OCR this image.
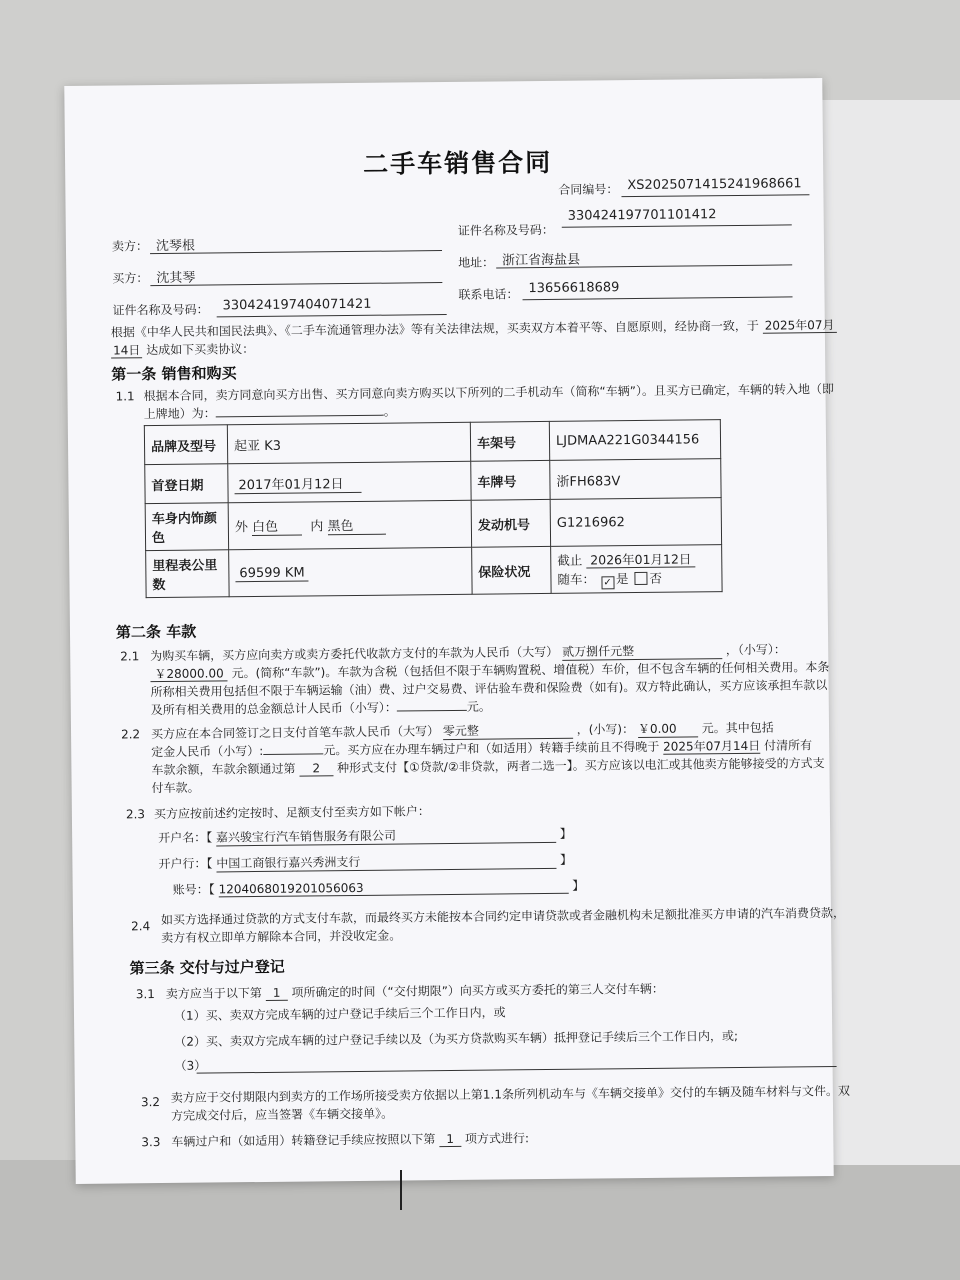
二手车销售合同
合同编号： XS2025071415241968661
卖方： 沈琴根
证件名称及号码：
330424197701101412
买方： 沈其琴
地址： 浙江省海盐县
证件名称及号码： 330424197404071421
联系电话： 13656618689
根据《中华人民共和国民法典》、《二手车流通管理办法》等有关法律法规，买卖双方本着平等、自愿原则，经协商一致，于 2025年07月
14日 达成如下买卖协议：
第一条 销售和购买
1.1 根据本合同，卖方同意向买方出售、买方同意向卖方购买以下所列的二手机动车（简称“车辆”）。且买方已确定，车辆的转入地（即
上牌地）为：	。
品牌及型号	起亚 K3	车架号	LJDMAA221G0344156
首登日期	2017年01月12日	车牌号	浙FH683V
车身内饰颜
色	外 白色 内 黑色	发动机号	G1216962
里程表公里
数	69599 KM	保险状况	截止 2026年01月12日
随车： ✓ 是 否
第二条 车款
2.1 为购买车辆，买方应向卖方或卖方委托代收款方支付的车款为人民币（大写） 贰万捌仟元整	，（小写）：
￥28000.00 元。(简称“车款”)。车款为含税（包括但不限于车辆购置税、增值税）车价，但不包含车辆的任何相关费用。本条
所称相关费用包括但不限于车辆运输（油）费、过户交易费、评估验车费和保险费（如有)。双方特此确认，买方应该承担车款以
及所有相关费用的总金额总计人民币（小写）：	元。
2.2 买方应在本合同签订之日支付首笔车款人民币（大写） 零元整	，(小写)： ￥0.00 元。其中包括
定金人民币（小写）:	元。买方应在办理车辆过户和（如适用）转籍手续前且不得晚于 2025年07月14日 付清所有
车款余额，车款余额通过第 2 种形式支付【①贷款/②非贷款，两者二选一】。买方应该以电汇或其他卖方能够接受的方式支
付车款。
2.3 买方应按前述约定按时、足额支付至卖方如下帐户：
开户名：【 嘉兴骏宝行汽车销售服务有限公司	】
开户行：【 中国工商银行嘉兴秀洲支行	】
账号：【 1204068019201056063	】
2.4 如买方选择通过贷款的方式支付车款，而最终买方未能按本合同约定申请贷款或者金融机构未足额批准买方申请的汽车消费贷款，
卖方有权立即单方解除本合同，并没收定金。
第三条 交付与过户登记
3.1 卖方应当于以下第 1 项所确定的时间（“交付期限”）向买方或买方委托的第三人交付车辆：
（1）买、卖双方完成车辆的过户登记手续后三个工作日内，或
（2）买、卖双方完成车辆的过户登记手续以及（为买方贷款购买车辆）抵押登记手续后三个工作日内，或;
（3）
3.2 卖方应于交付期限内到卖方的工作场所接受卖方依据以上第1.1条所列机动车与《车辆交接单》交付的车辆及随车材料与文件。双
方完成交付后，应当签署《车辆交接单》。
3.3 车辆过户和（如适用）转籍登记手续应按照以下第 1 项方式进行:
